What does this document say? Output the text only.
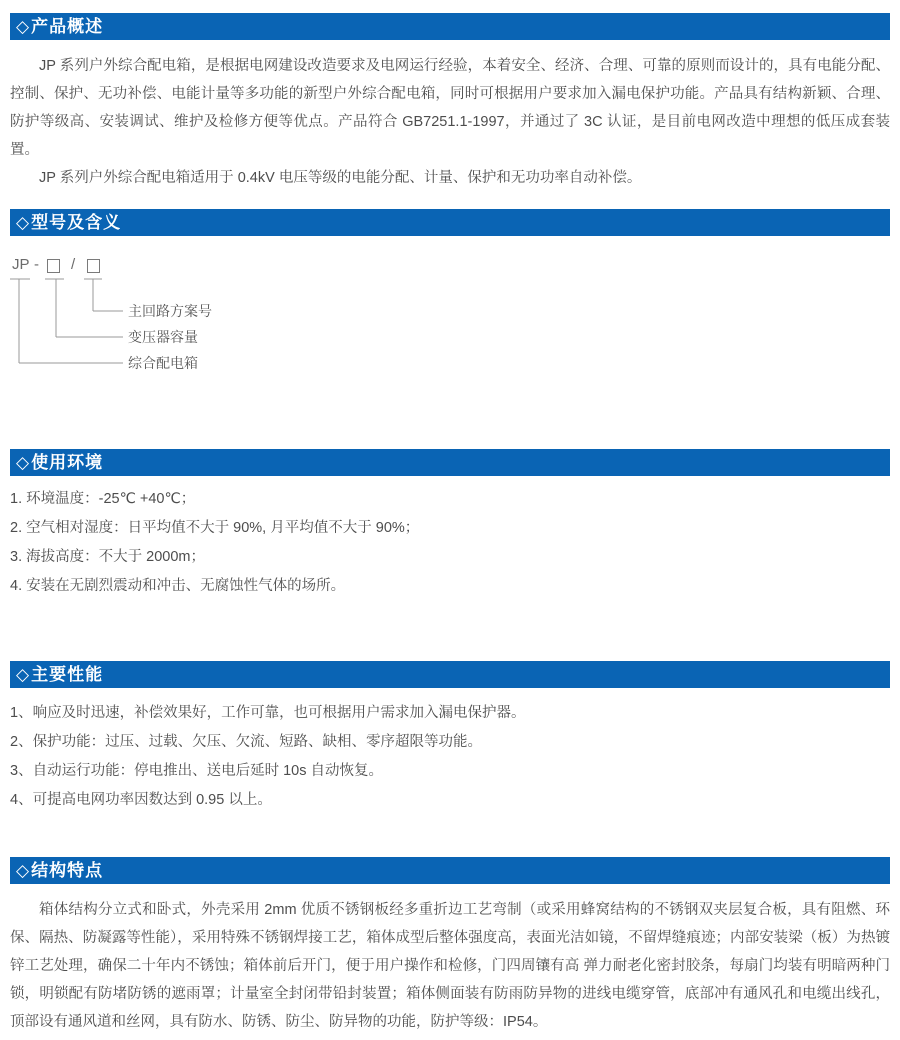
◇ 产品概述

JP 系列户外综合配电箱，是根据电网建设改造要求及电网运行经验，本着安全、经济、合理、可靠的原则而设计的，具有电能分配、控制、保护、无功补偿、电能计量等多功能的新型户外综合配电箱，同时可根据用户要求加入漏电保护功能。产品具有结构新颖、合理、防护等级高、安装调试、维护及检修方便等优点。产品符合 GB7251.1-1997，并通过了 3C 认证，是目前电网改造中理想的低压成套装置。

JP 系列户外综合配电箱适用于 0.4kV 电压等级的电能分配、计量、保护和无功功率自动补偿。

◇ 型号及含义
JP - /
主回路方案号
变压器容量
综合配电箱
◇ 使用环境
1. 环境温度：-25℃ +40℃；
2. 空气相对湿度：日平均值不大于 90%, 月平均值不大于 90%；
3. 海拔高度：不大于 2000m；
4. 安装在无剧烈震动和冲击、无腐蚀性气体的场所。
◇ 主要性能
1、响应及时迅速，补偿效果好，工作可靠，也可根据用户需求加入漏电保护器。
2、保护功能：过压、过载、欠压、欠流、短路、缺相、零序超限等功能。
3、自动运行功能：停电推出、送电后延时 10s 自动恢复。
4、可提高电网功率因数达到 0.95 以上。
◇ 结构特点

箱体结构分立式和卧式，外壳采用 2mm 优质不锈钢板经多重折边工艺弯制（或采用蜂窝结构的不锈钢双夹层复合板，具有阻燃、环保、隔热、防凝露等性能），采用特殊不锈钢焊接工艺，箱体成型后整体强度高，表面光洁如镜，不留焊缝痕迹；内部安装梁（板）为热镀锌工艺处理，确保二十年内不锈蚀；箱体前后开门，便于用户操作和检修，门四周镶有高 弹力耐老化密封胶条，每扇门均装有明暗两种门锁，明锁配有防堵防锈的遮雨罩；计量室全封闭带铅封装置；箱体侧面装有防雨防异物的进线电缆穿管，底部冲有通风孔和电缆出线孔，顶部设有通风道和丝网，具有防水、防锈、防尘、防异物的功能，防护等级：IP54。
